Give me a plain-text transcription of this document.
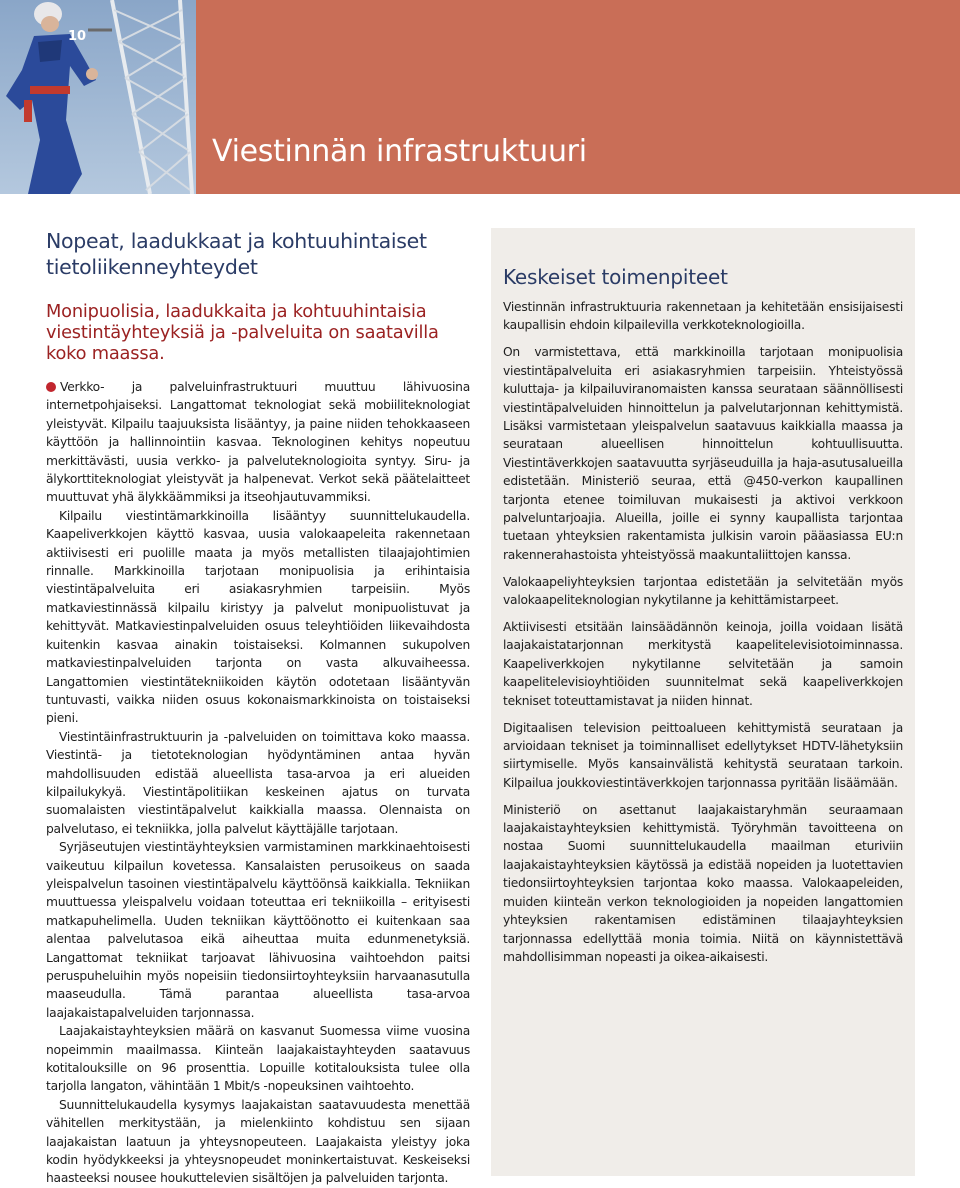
10
Viestinnän infrastruktuuri
Nopeat, laadukkaat ja kohtuuhintaiset tietoliikenneyhteydet
Monipuolisia, laadukkaita ja kohtuuhintaisia viestintäyhteyksiä ja -palveluita on saatavilla koko maassa.

Verkko- ja palveluinfrastruktuuri muuttuu lähivuosina internetpohjaiseksi. Langattomat teknologiat sekä mobiiliteknologiat yleistyvät. Kilpailu taajuuksista lisääntyy, ja paine niiden tehokkaaseen käyttöön ja hallinnointiin kasvaa. Teknologinen kehitys nopeutuu merkittävästi, uusia verkko- ja palveluteknologioita syntyy. Siru- ja älykorttiteknologiat yleistyvät ja halpenevat. Verkot sekä päätelaitteet muuttuvat yhä älykkäämmiksi ja itseohjautuvammiksi.

Kilpailu viestintämarkkinoilla lisääntyy suunnittelukaudella. Kaapeliverkkojen käyttö kasvaa, uusia valokaapeleita rakennetaan aktiivisesti eri puolille maata ja myös metallisten tilaajajohtimien rinnalle. Markkinoilla tarjotaan monipuolisia ja erihintaisia viestintäpalveluita eri asiakasryhmien tarpeisiin. Myös matkaviestinnässä kilpailu kiristyy ja palvelut monipuolistuvat ja kehittyvät. Matkaviestinpalveluiden osuus teleyhtiöiden liikevaihdosta kuitenkin kasvaa ainakin toistaiseksi. Kolmannen sukupolven matkaviestinpalveluiden tarjonta on vasta alkuvaiheessa. Langattomien viestintätekniikoiden käytön odotetaan lisääntyvän tuntuvasti, vaikka niiden osuus kokonaismarkkinoista on toistaiseksi pieni.

Viestintäinfrastruktuurin ja -palveluiden on toimittava koko maassa. Viestintä- ja tietoteknologian hyödyntäminen antaa hyvän mahdollisuuden edistää alueellista tasa-arvoa ja eri alueiden kilpailukykyä. Viestintäpolitiikan keskeinen ajatus on turvata suomalaisten viestintäpalvelut kaikkialla maassa. Olennaista on palvelutaso, ei tekniikka, jolla palvelut käyttäjälle tarjotaan.

Syrjäseutujen viestintäyhteyksien varmistaminen markkinaehtoisesti vaikeutuu kilpailun kovetessa. Kansalaisten perusoikeus on saada yleispalvelun tasoinen viestintäpalvelu käyttöönsä kaikkialla. Tekniikan muuttuessa yleispalvelu voidaan toteuttaa eri tekniikoilla – erityisesti matkapuhelimella. Uuden tekniikan käyttöönotto ei kuitenkaan saa alentaa palvelutasoa eikä aiheuttaa muita edunmenetyksiä. Langattomat tekniikat tarjoavat lähivuosina vaihtoehdon paitsi peruspuheluihin myös nopeisiin tiedonsiirtoyhteyksiin harvaanasutulla maaseudulla. Tämä parantaa alueellista tasa-arvoa laajakaistapalveluiden tarjonnassa.

Laajakaistayhteyksien määrä on kasvanut Suomessa viime vuosina nopeimmin maailmassa. Kiinteän laajakaistayhteyden saatavuus kotitalouksille on 96 prosenttia. Lopuille kotitalouksista tulee olla tarjolla langaton, vähintään 1 Mbit/s -nopeuksinen vaihtoehto.

Suunnittelukaudella kysymys laajakaistan saatavuudesta menettää vähitellen merkitystään, ja mielenkiinto kohdistuu sen sijaan laajakaistan laatuun ja yhteysnopeuteen. Laajakaista yleistyy joka kodin hyödykkeeksi ja yhteysnopeudet moninkertaistuvat. Keskeiseksi haasteeksi nousee houkuttelevien sisältöjen ja palveluiden tarjonta.

Keskeiset toimenpiteet

Viestinnän infrastruktuuria rakennetaan ja kehitetään ensisijaisesti kaupallisin ehdoin kilpailevilla verkkoteknologioilla.

On varmistettava, että markkinoilla tarjotaan monipuolisia viestintäpalveluita eri asiakasryhmien tarpeisiin. Yhteistyössä kuluttaja- ja kilpailuviranomaisten kanssa seurataan säännöllisesti viestintäpalveluiden hinnoittelun ja palvelutarjonnan kehittymistä. Lisäksi varmistetaan yleispalvelun saatavuus kaikkialla maassa ja seurataan alueellisen hinnoittelun kohtuullisuutta. Viestintäverkkojen saatavuutta syrjäseuduilla ja haja-asutusalueilla edistetään. Ministeriö seuraa, että @450-verkon kaupallinen tarjonta etenee toimiluvan mukaisesti ja aktivoi verkkoon palveluntarjoajia. Alueilla, joille ei synny kaupallista tarjontaa tuetaan yhteyksien rakentamista julkisin varoin pääasiassa EU:n rakennerahastoista yhteistyössä maakuntaliittojen kanssa.

Valokaapeliyhteyksien tarjontaa edistetään ja selvitetään myös valokaapeliteknologian nykytilanne ja kehittämistarpeet.

Aktiivisesti etsitään lainsäädännön keinoja, joilla voidaan lisätä laajakaistatarjonnan merkitystä kaapelitelevisiotoiminnassa. Kaapeliverkkojen nykytilanne selvitetään ja samoin kaapelitelevisioyhtiöiden suunnitelmat sekä kaapeliverkkojen tekniset toteuttamistavat ja niiden hinnat.

Digitaalisen television peittoalueen kehittymistä seurataan ja arvioidaan tekniset ja toiminnalliset edellytykset HDTV-lähetyksiin siirtymiselle. Myös kansainvälistä kehitystä seurataan tarkoin. Kilpailua joukkoviestintäverkkojen tarjonnassa pyritään lisäämään.

Ministeriö on asettanut laajakaistaryhmän seuraamaan laajakaistayhteyksien kehittymistä. Työryhmän tavoitteena on nostaa Suomi suunnittelukaudella maailman eturiviin laajakaistayhteyksien käytössä ja edistää nopeiden ja luotettavien tiedonsiirtoyhteyksien tarjontaa koko maassa. Valokaapeleiden, muiden kiinteän verkon teknologioiden ja nopeiden langattomien yhteyksien rakentamisen edistäminen tilaajayhteyksien tarjonnassa edellyttää monia toimia. Niitä on käynnistettävä mahdollisimman nopeasti ja oikea-aikaisesti.
